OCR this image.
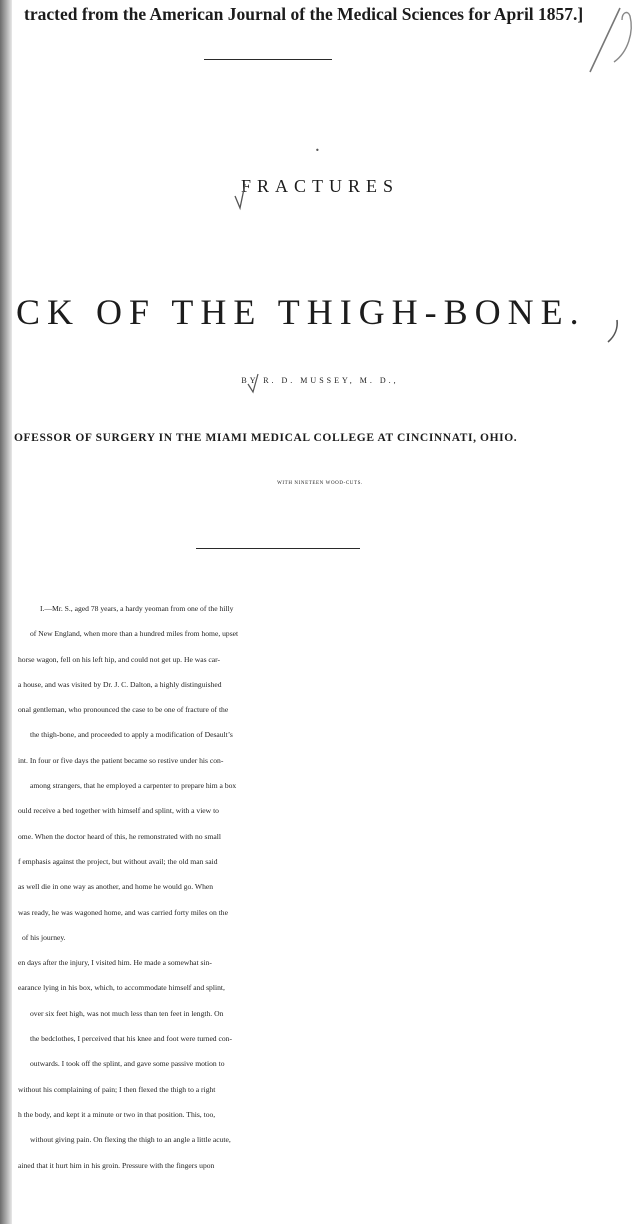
tracted from the American Journal of the Medical Sciences for April 1857.]
•
FRACTURES
CK OF THE THIGH-BONE.
BY R. D. MUSSEY, M. D.,
OFESSOR OF SURGERY IN THE MIAMI MEDICAL COLLEGE AT CINCINNATI, OHIO.
WITH NINETEEN WOOD-CUTS.
I.—Mr. S., aged 78 years, a hardy yeoman from one of the hilly
of New England, when more than a hundred miles from home, upset
horse wagon, fell on his left hip, and could not get up. He was car-
a house, and was visited by Dr. J. C. Dalton, a highly distinguished
onal gentleman, who pronounced the case to be one of fracture of the
the thigh-bone, and proceeded to apply a modification of Desault’s
int. In four or five days the patient became so restive under his con-
among strangers, that he employed a carpenter to prepare him a box
ould receive a bed together with himself and splint, with a view to
ome. When the doctor heard of this, he remonstrated with no small
f emphasis against the project, but without avail; the old man said
as well die in one way as another, and home he would go. When
was ready, he was wagoned home, and was carried forty miles on the
of his journey.
en days after the injury, I visited him. He made a somewhat sin-
earance lying in his box, which, to accommodate himself and splint,
over six feet high, was not much less than ten feet in length. On
the bedclothes, I perceived that his knee and foot were turned con-
outwards. I took off the splint, and gave some passive motion to
without his complaining of pain; I then flexed the thigh to a right
h the body, and kept it a minute or two in that position. This, too,
without giving pain. On flexing the thigh to an angle a little acute,
ained that it hurt him in his groin. Pressure with the fingers upon
